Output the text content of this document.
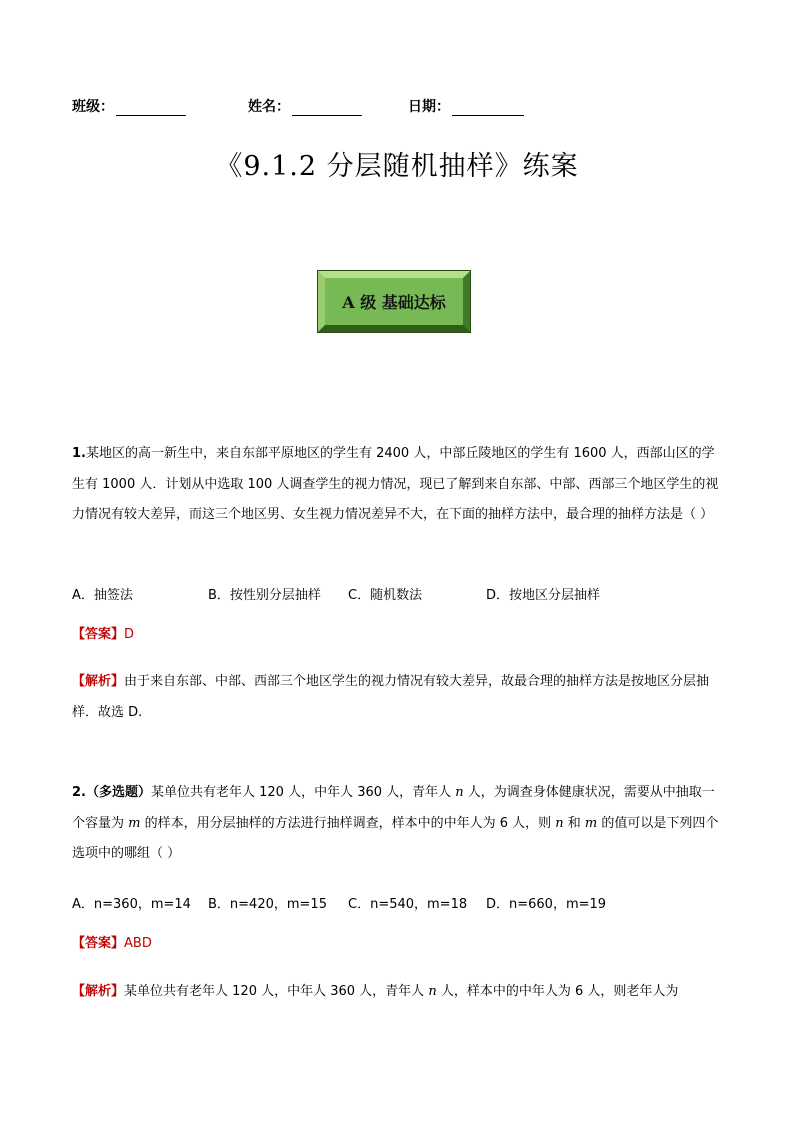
班级：	姓名：	日期：
《9.1.2 分层随机抽样》练案
A 级 基础达标
1.某地区的高一新生中，来自东部平原地区的学生有 2400 人，中部丘陵地区的学生有 1600 人，西部山区的学生有 1000 人．计划从中选取 100 人调查学生的视力情况，现已了解到来自东部、中部、西部三个地区学生的视力情况有较大差异，而这三个地区男、女生视力情况差异不大，在下面的抽样方法中，最合理的抽样方法是（ ）
A．抽签法	B．按性别分层抽样 C．随机数法	D．按地区分层抽样
【答案】D
【解析】由于来自东部、中部、西部三个地区学生的视力情况有较大差异，故最合理的抽样方法是按地区分层抽样．故选 D.
2.（多选题）某单位共有老年人 120 人，中年人 360 人，青年人 n 人，为调查身体健康状况，需要从中抽取一个容量为 m 的样本，用分层抽样的方法进行抽样调查，样本中的中年人为 6 人，则 n 和 m 的值可以是下列四个选项中的哪组（ ）
A．n=360，m=14 B．n=420，m=15 C．n=540，m=18 D．n=660，m=19
【答案】ABD
【解析】某单位共有老年人 120 人，中年人 360 人，青年人 n 人，样本中的中年人为 6 人，则老年人为
